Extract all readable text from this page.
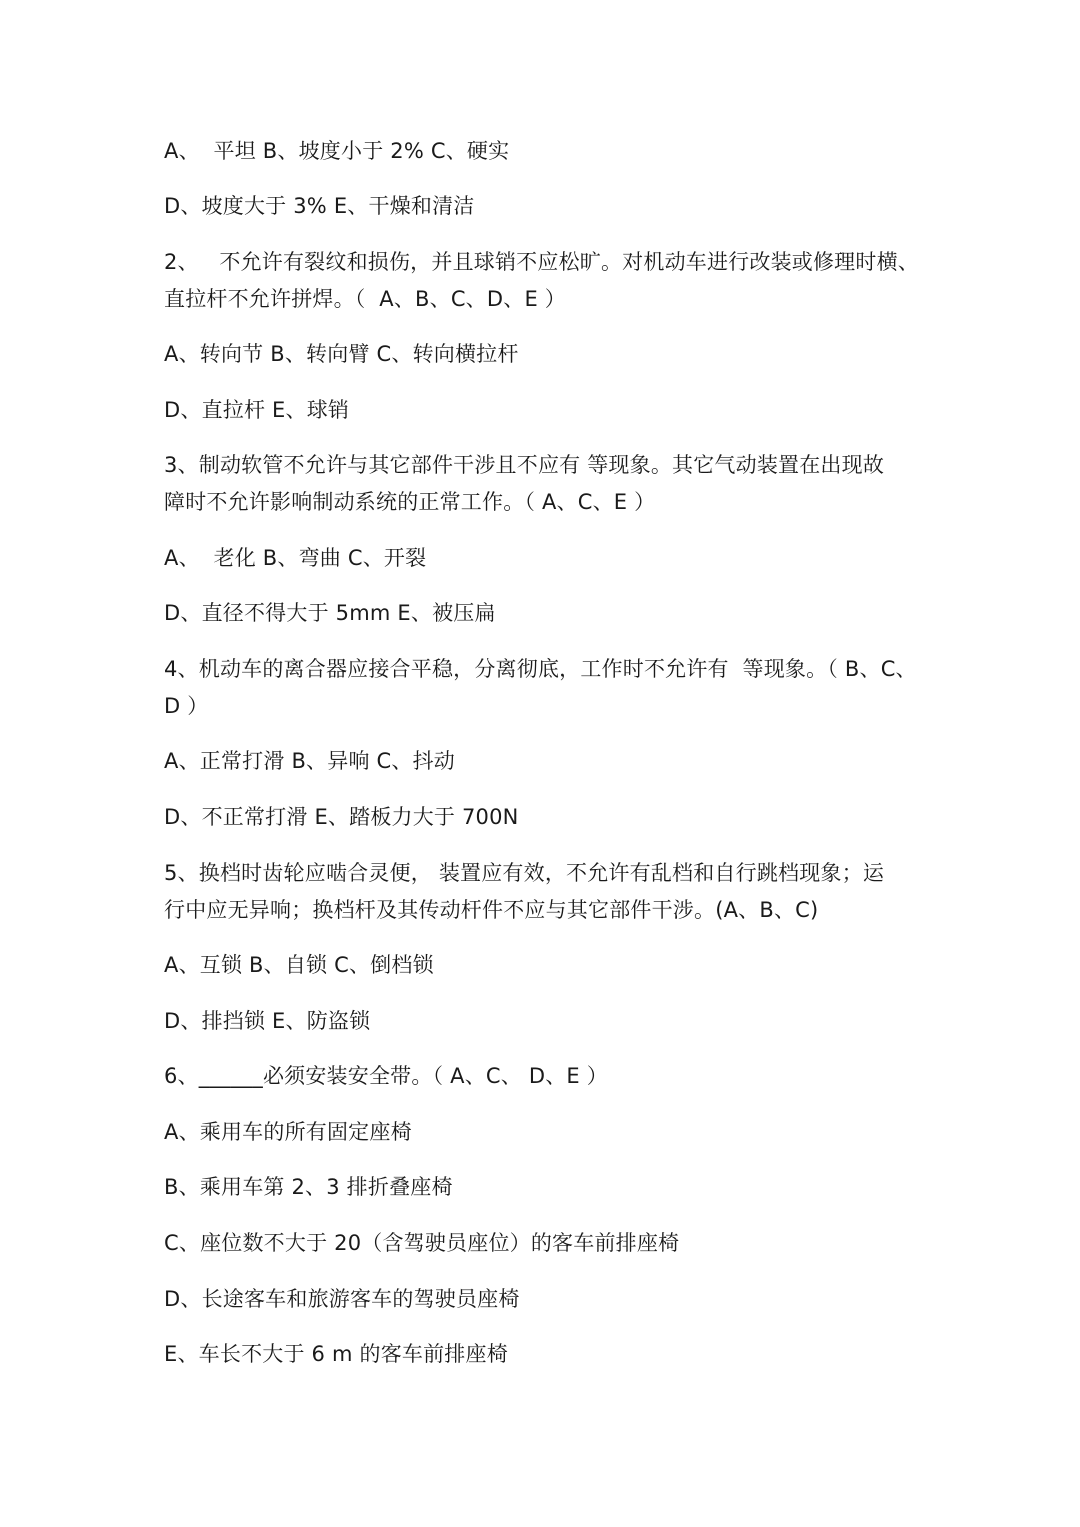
A、  平坦 B、坡度小于 2% C、硬实
D、坡度大于 3% E、干燥和清洁
2、   不允许有裂纹和损伤，并且球销不应松旷。对机动车进行改装或修理时横、
直拉杆不允许拼焊。（  A、B、C、D、E ）
A、转向节 B、转向臂 C、转向横拉杆
D、直拉杆 E、球销
3、制动软管不允许与其它部件干涉且不应有 等现象。其它气动装置在出现故
障时不允许影响制动系统的正常工作。（ A、C、E ）
A、  老化 B、弯曲 C、开裂
D、直径不得大于 5mm E、被压扁
4、机动车的离合器应接合平稳，分离彻底，工作时不允许有  等现象。（ B、C、
D ）
A、正常打滑 B、异响 C、抖动
D、不正常打滑 E、踏板力大于 700N
5、换档时齿轮应啮合灵便， 装置应有效，不允许有乱档和自行跳档现象；运
行中应无异响；换档杆及其传动杆件不应与其它部件干涉。(A、B、C)
A、互锁 B、自锁 C、倒档锁
D、排挡锁 E、防盗锁
6、______必须安装安全带。（ A、C、 D、E ）
A、乘用车的所有固定座椅
B、乘用车第 2、3 排折叠座椅
C、座位数不大于 20（含驾驶员座位）的客车前排座椅
D、长途客车和旅游客车的驾驶员座椅
E、车长不大于 6 m 的客车前排座椅
